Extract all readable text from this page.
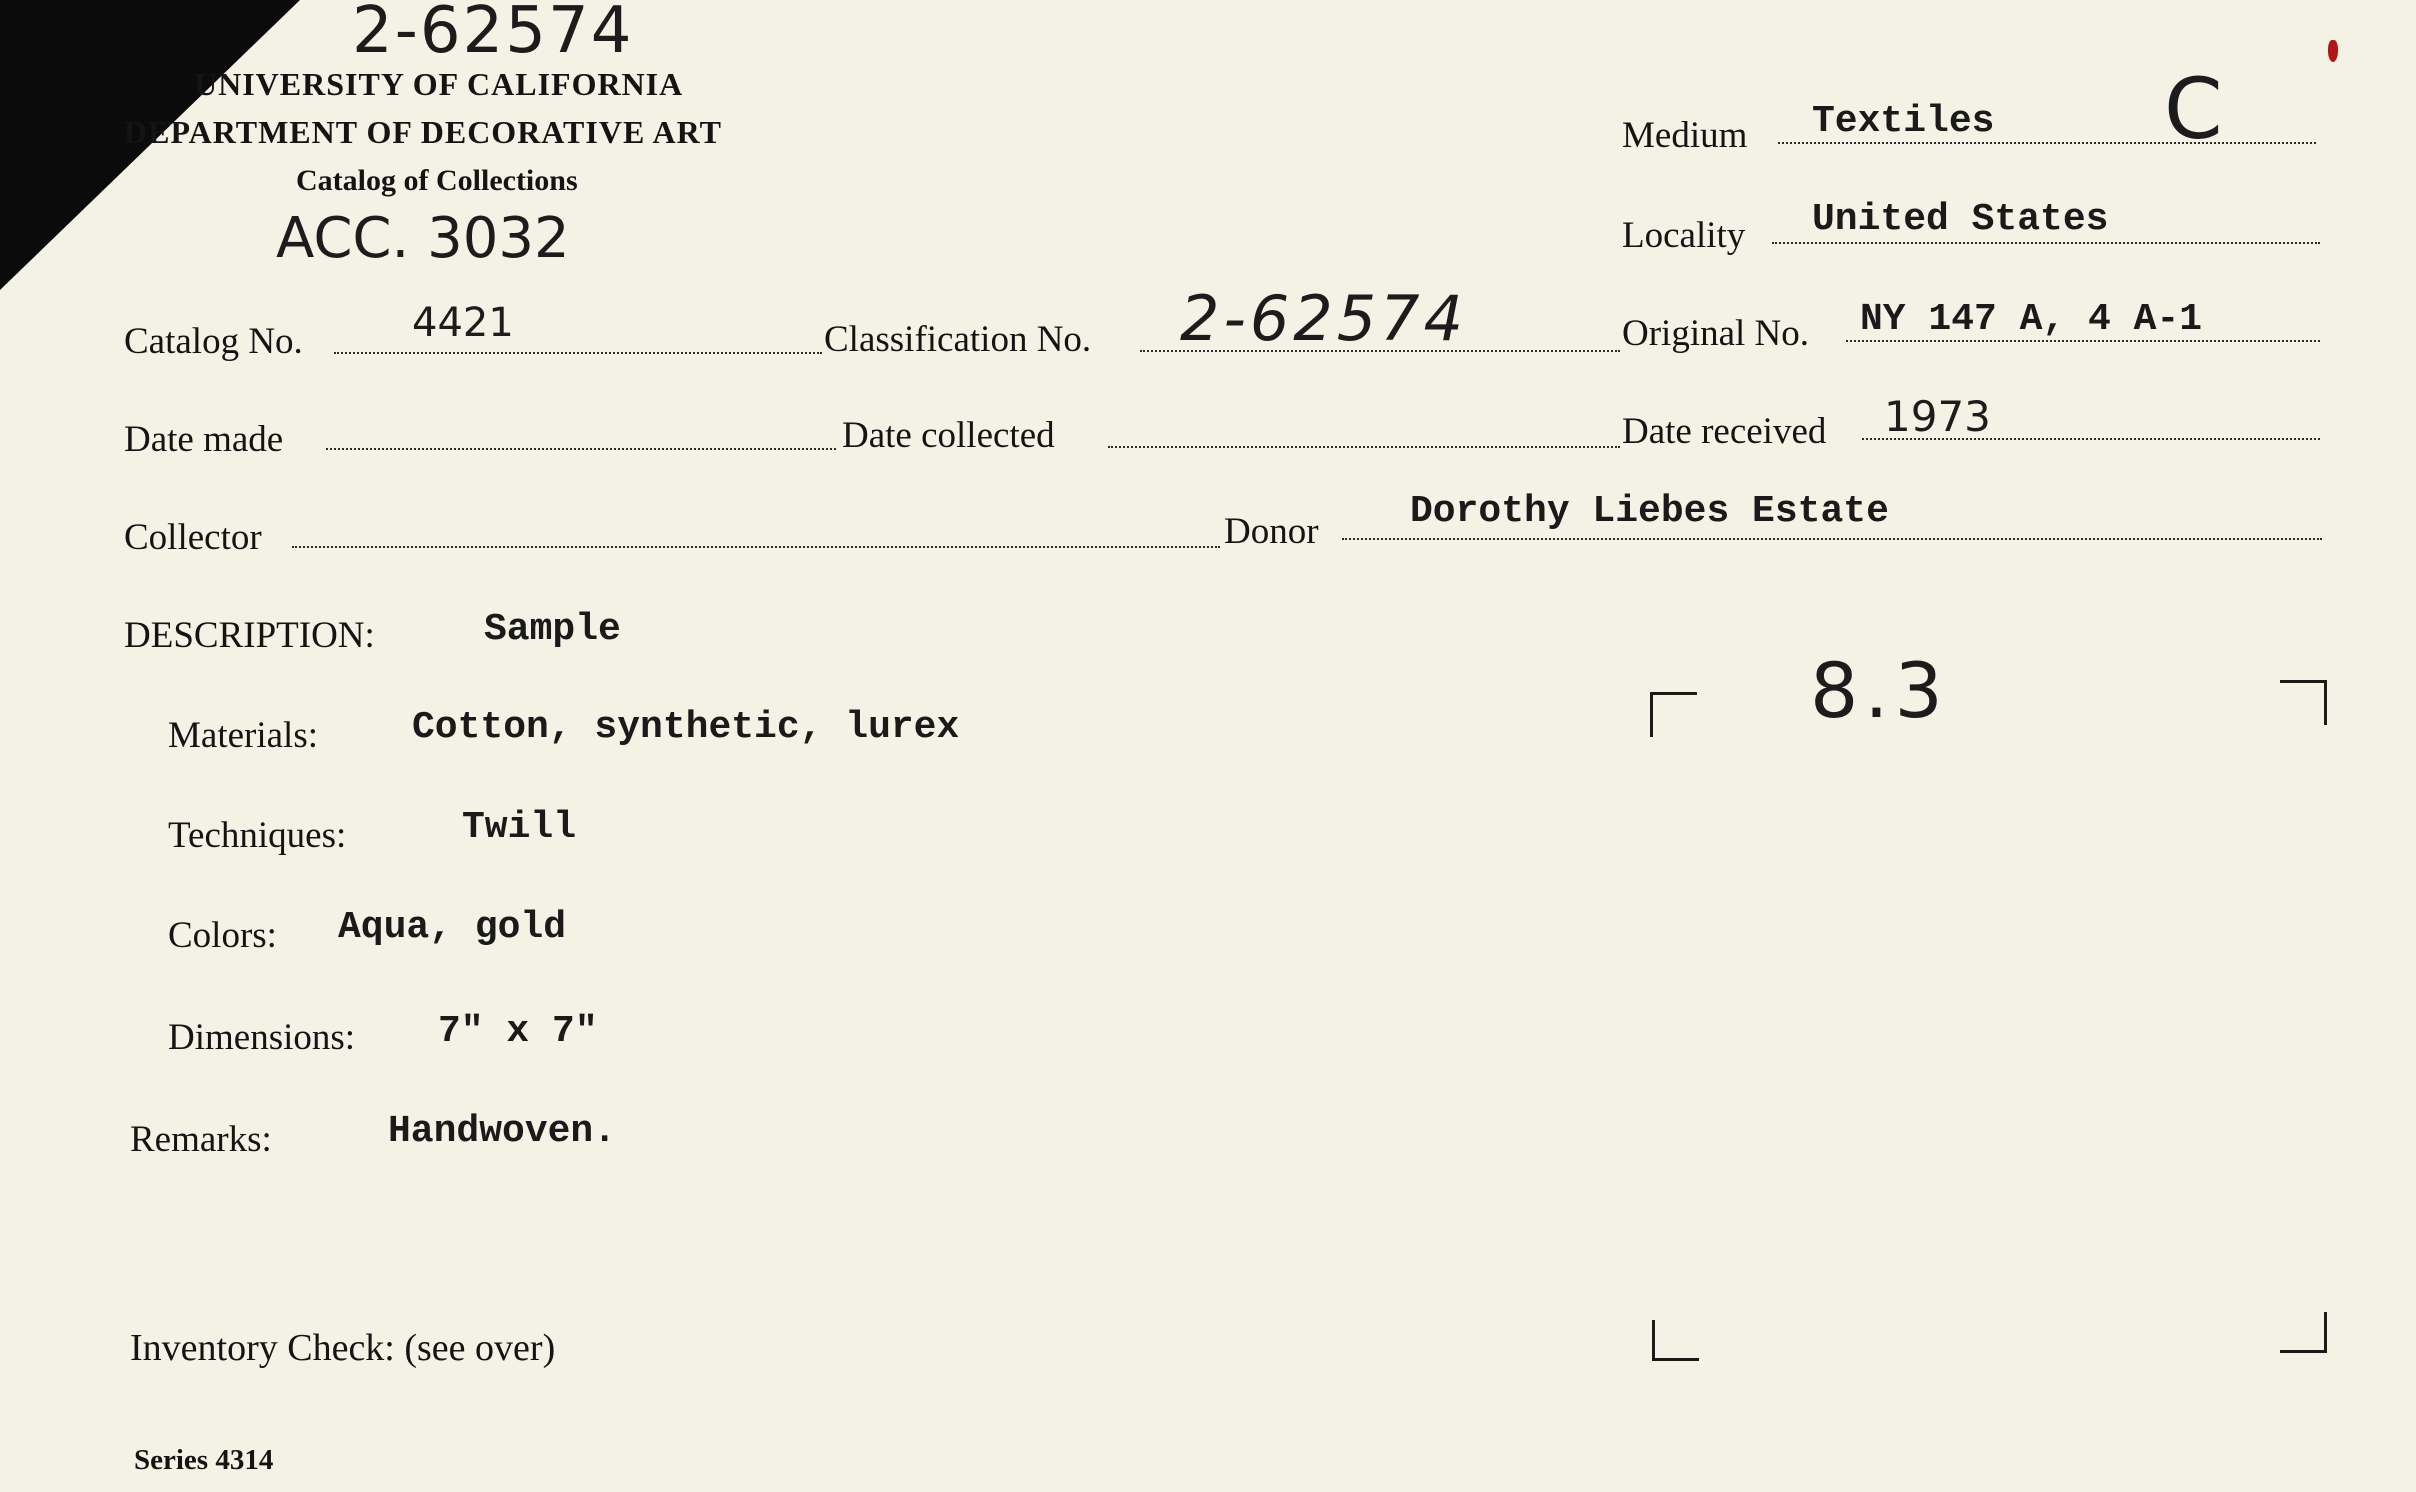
2-62574
UNIVERSITY OF CALIFORNIA
DEPARTMENT OF DECORATIVE ART
Catalog of Collections
ACC. 3032
Medium Textiles C
Locality United States
Catalog No.	4421	Classification No. 2-62574	Original No. NY 147 A, 4 A-1
Date made	Date collected	Date received 1973
Collector	Donor Dorothy Liebes Estate
DESCRIPTION:	Sample
Materials: Cotton, synthetic, lurex
Techniques:	Twill
Colors: Aqua, gold
Dimensions: 7" x 7"
Remarks:	Handwoven.
8.3
Inventory Check: (see over)
Series 4314
